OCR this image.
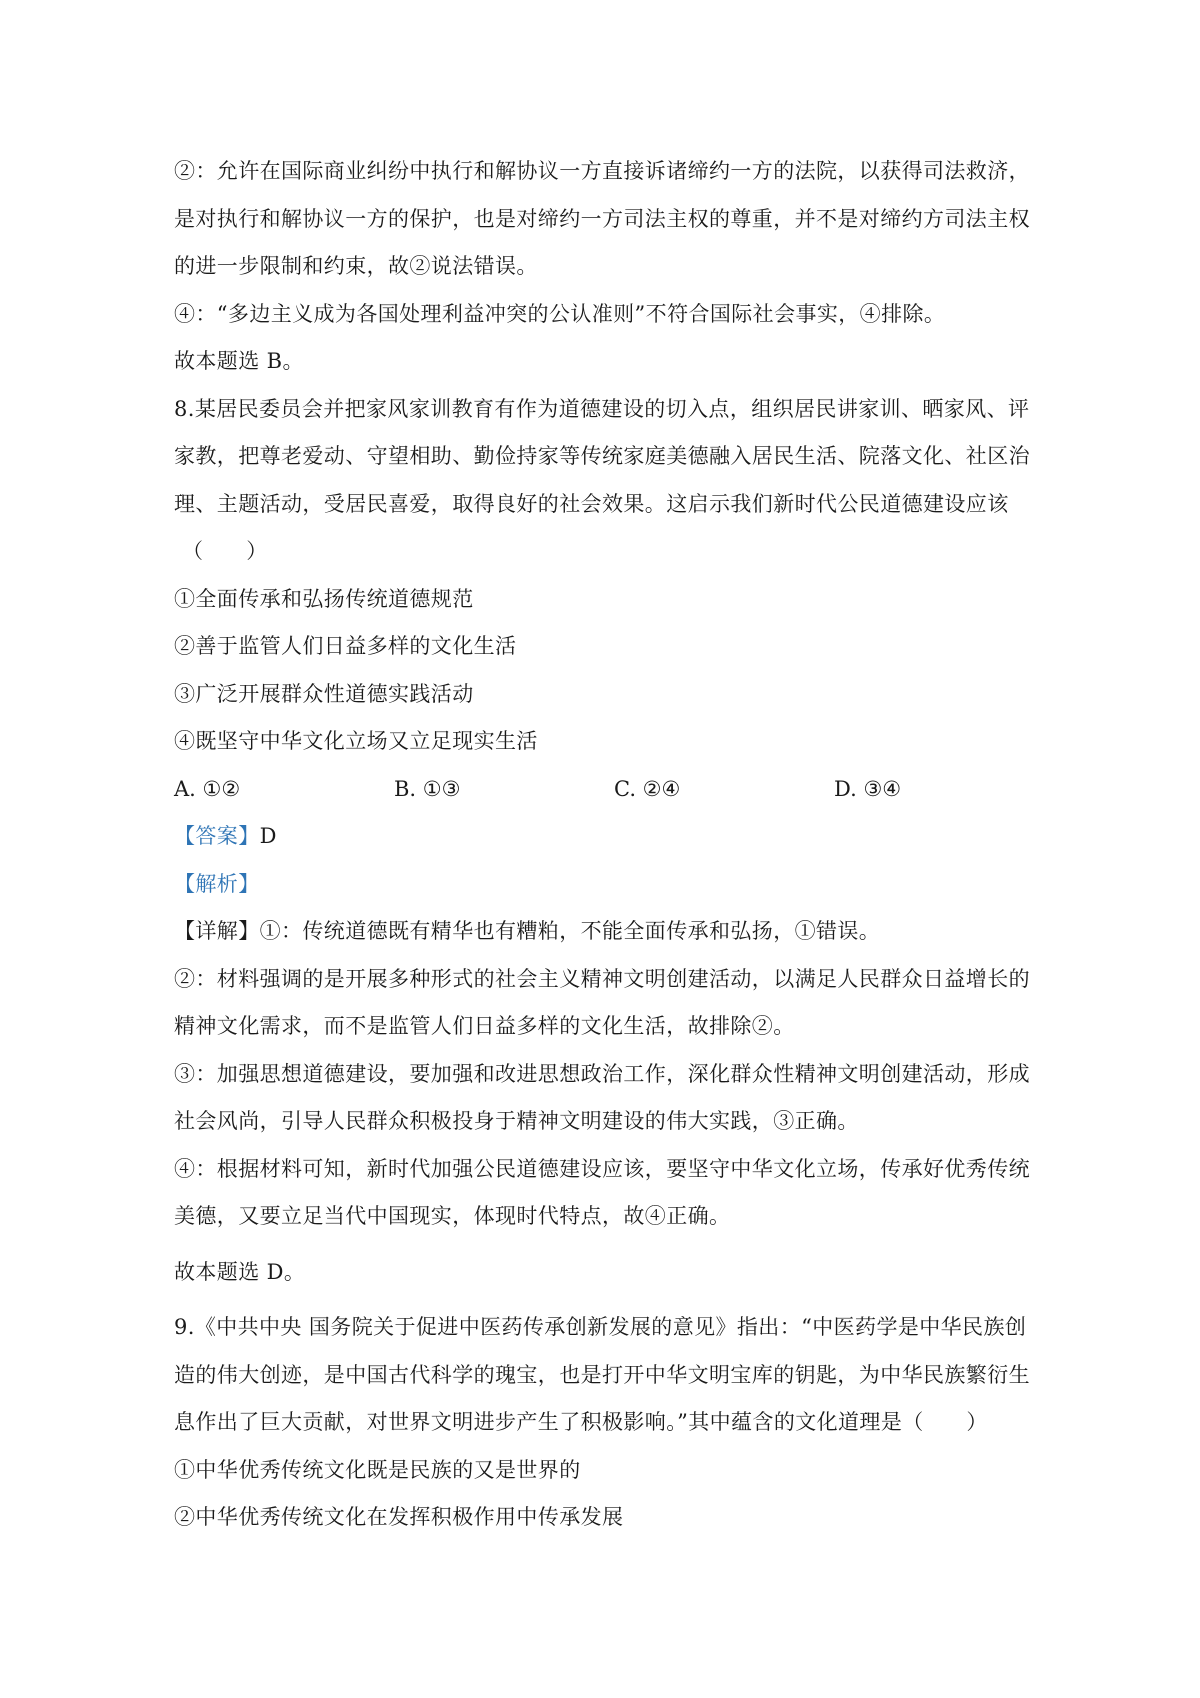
②：允许在国际商业纠纷中执行和解协议一方直接诉诸缔约一方的法院，以获得司法救济，
是对执行和解协议一方的保护，也是对缔约一方司法主权的尊重，并不是对缔约方司法主权
的进一步限制和约束，故②说法错误。
④：“多边主义成为各国处理利益冲突的公认准则”不符合国际社会事实，④排除。
故本题选 B。
8.某居民委员会并把家风家训教育有作为道德建设的切入点，组织居民讲家训、晒家风、评
家教，把尊老爱动、守望相助、勤俭持家等传统家庭美德融入居民生活、院落文化、社区治
理、主题活动，受居民喜爱，取得良好的社会效果。这启示我们新时代公民道德建设应该
（　　）
①全面传承和弘扬传统道德规范
②善于监管人们日益多样的文化生活
③广泛开展群众性道德实践活动
④既坚守中华文化立场又立足现实生活
A. ①②	B. ①③	C. ②④	D. ③④
【答案】D
【解析】
【详解】①：传统道德既有精华也有糟粕，不能全面传承和弘扬，①错误。
②：材料强调的是开展多种形式的社会主义精神文明创建活动，以满足人民群众日益增长的
精神文化需求，而不是监管人们日益多样的文化生活，故排除②。
③：加强思想道德建设，要加强和改进思想政治工作，深化群众性精神文明创建活动，形成
社会风尚，引导人民群众积极投身于精神文明建设的伟大实践，③正确。
④：根据材料可知，新时代加强公民道德建设应该，要坚守中华文化立场，传承好优秀传统
美德，又要立足当代中国现实，体现时代特点，故④正确。
故本题选 D。
9.《中共中央 国务院关于促进中医药传承创新发展的意见》指出：“中医药学是中华民族创
造的伟大创迹，是中国古代科学的瑰宝，也是打开中华文明宝库的钥匙，为中华民族繁衍生
息作出了巨大贡献，对世界文明进步产生了积极影响。”其中蕴含的文化道理是（　　）
①中华优秀传统文化既是民族的又是世界的
②中华优秀传统文化在发挥积极作用中传承发展
